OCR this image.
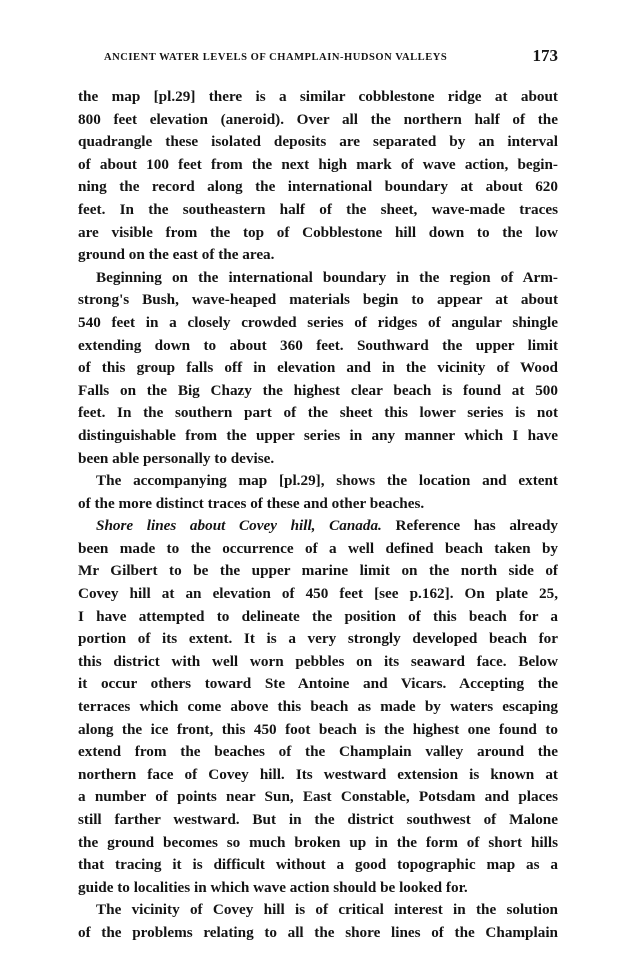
ANCIENT WATER LEVELS OF CHAMPLAIN-HUDSON VALLEYS	173
the map [pl.29] there is a similar cobblestone ridge at about
800 feet elevation (aneroid). Over all the northern half of the
quadrangle these isolated deposits are separated by an interval
of about 100 feet from the next high mark of wave action, begin-
ning the record along the international boundary at about 620
feet. In the southeastern half of the sheet, wave-made traces
are visible from the top of Cobblestone hill down to the low
ground on the east of the area.
Beginning on the international boundary in the region of Arm-
strong's Bush, wave-heaped materials begin to appear at about
540 feet in a closely crowded series of ridges of angular shingle
extending down to about 360 feet. Southward the upper limit
of this group falls off in elevation and in the vicinity of Wood
Falls on the Big Chazy the highest clear beach is found at 500
feet. In the southern part of the sheet this lower series is not
distinguishable from the upper series in any manner which I have
been able personally to devise.
The accompanying map [pl.29], shows the location and extent
of the more distinct traces of these and other beaches.
Shore lines about Covey hill, Canada. Reference has already
been made to the occurrence of a well defined beach taken by
Mr Gilbert to be the upper marine limit on the north side of
Covey hill at an elevation of 450 feet [see p.162]. On plate 25,
I have attempted to delineate the position of this beach for a
portion of its extent. It is a very strongly developed beach for
this district with well worn pebbles on its seaward face. Below
it occur others toward Ste Antoine and Vicars. Accepting the
terraces which come above this beach as made by waters escaping
along the ice front, this 450 foot beach is the highest one found to
extend from the beaches of the Champlain valley around the
northern face of Covey hill. Its westward extension is known at
a number of points near Sun, East Constable, Potsdam and places
still farther westward. But in the district southwest of Malone
the ground becomes so much broken up in the form of short hills
that tracing it is difficult without a good topographic map as a
guide to localities in which wave action should be looked for.
The vicinity of Covey hill is of critical interest in the solution
of the problems relating to all the shore lines of the Champlain
